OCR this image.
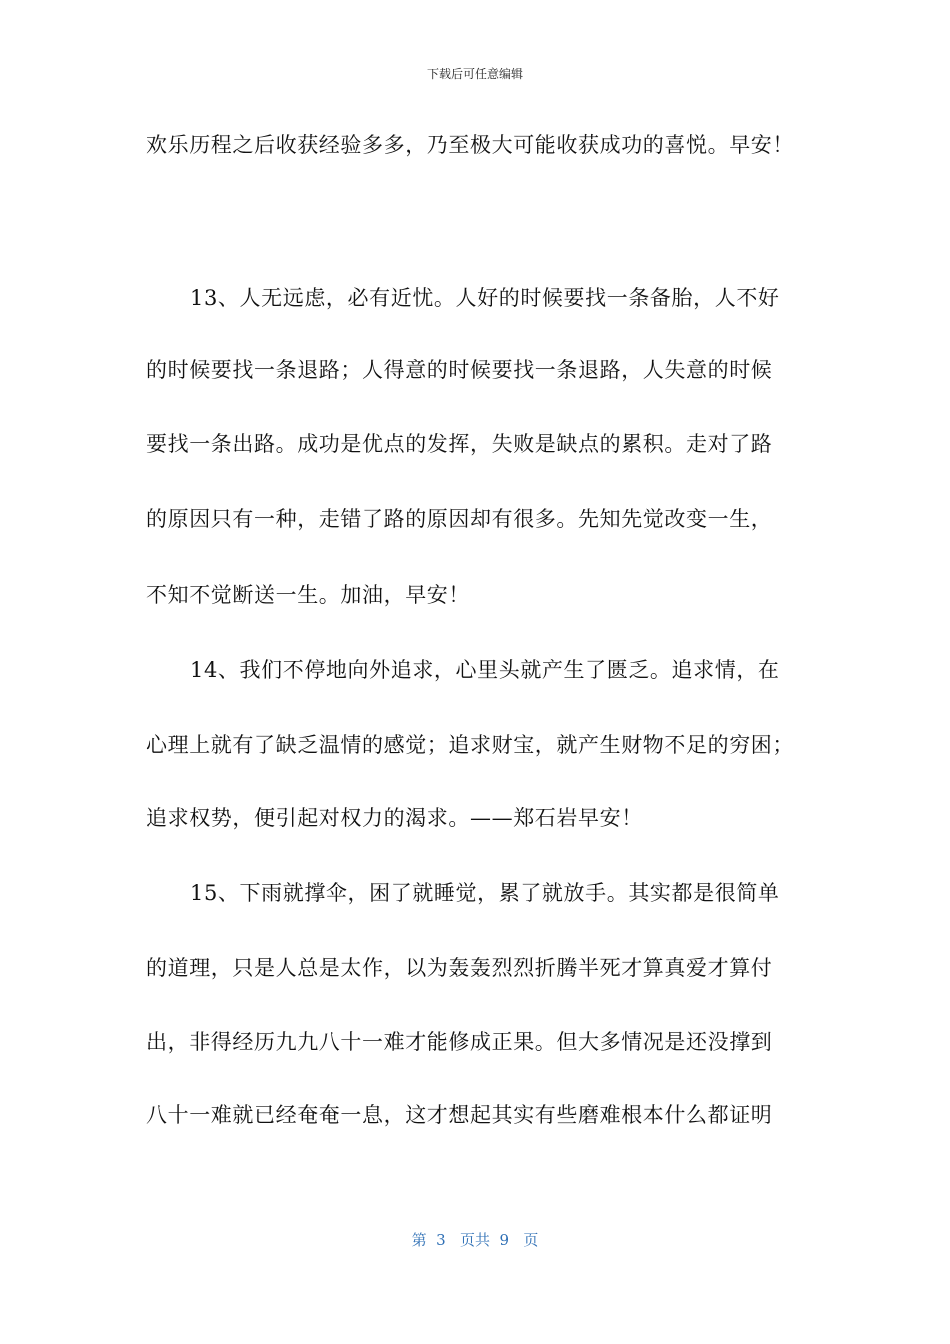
下载后可任意编辑
欢乐历程之后收获经验多多，乃至极大可能收获成功的喜悦。早安！
13、人无远虑，必有近忧。人好的时候要找一条备胎，人不好
的时候要找一条退路；人得意的时候要找一条退路，人失意的时候
要找一条出路。成功是优点的发挥，失败是缺点的累积。走对了路
的原因只有一种，走错了路的原因却有很多。先知先觉改变一生，
不知不觉断送一生。加油，早安！
14、我们不停地向外追求，心里头就产生了匮乏。追求情，在
心理上就有了缺乏温情的感觉；追求财宝，就产生财物不足的穷困；
追求权势，便引起对权力的渴求。——郑石岩早安！
15、下雨就撑伞，困了就睡觉，累了就放手。其实都是很简单
的道理，只是人总是太作，以为轰轰烈烈折腾半死才算真爱才算付
出，非得经历九九八十一难才能修成正果。但大多情况是还没撑到
八十一难就已经奄奄一息，这才想起其实有些磨难根本什么都证明
第  3   页共  9   页
